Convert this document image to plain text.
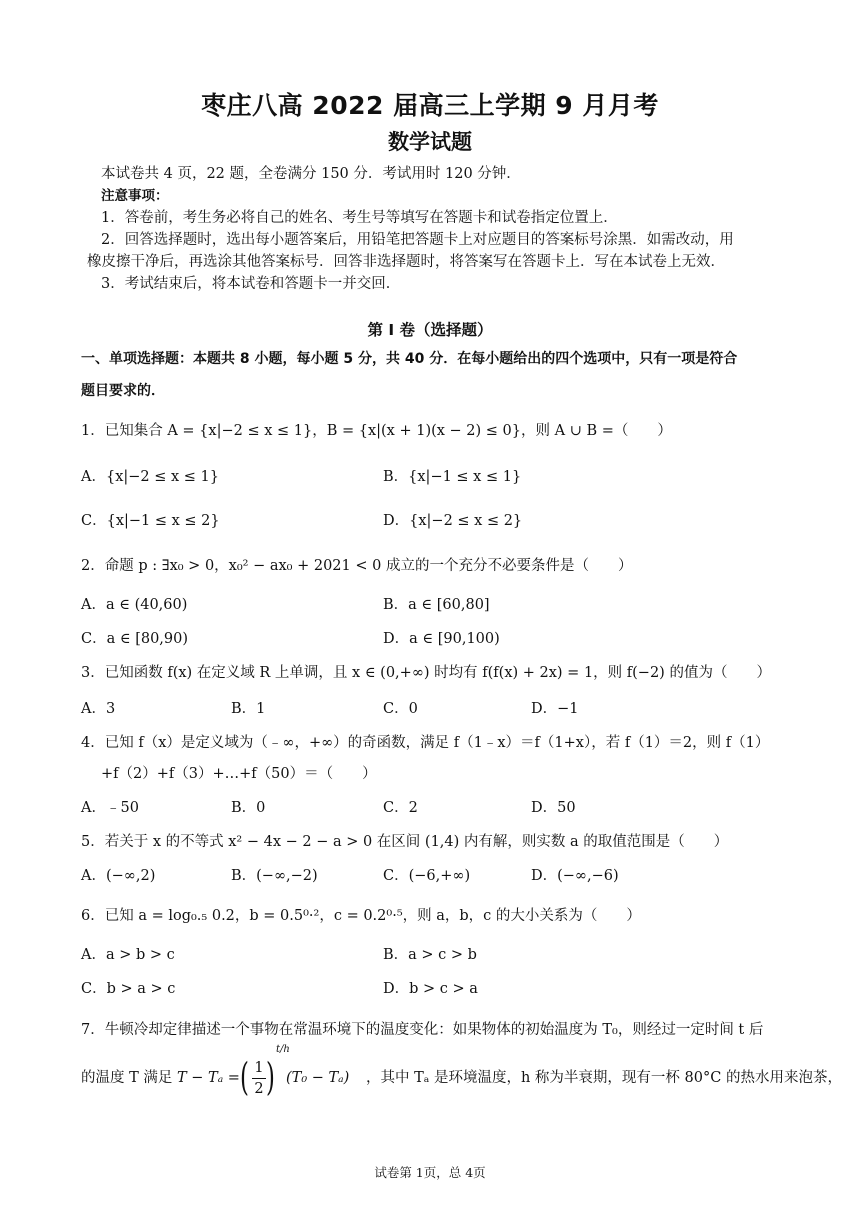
枣庄八高 2022 届高三上学期 9 月月考
数学试题
本试卷共 4 页，22 题，全卷满分 150 分．考试用时 120 分钟．
注意事项：
1．答卷前，考生务必将自己的姓名、考生号等填写在答题卡和试卷指定位置上．
2．回答选择题时，选出每小题答案后，用铅笔把答题卡上对应题目的答案标号涂黑．如需改动，用
橡皮擦干净后，再选涂其他答案标号．回答非选择题时，将答案写在答题卡上．写在本试卷上无效．
3．考试结束后，将本试卷和答题卡一并交回．
第 I 卷（选择题）
一、单项选择题：本题共 8 小题，每小题 5 分，共 40 分．在每小题给出的四个选项中，只有一项是符合
题目要求的．
1．已知集合 A = {x|−2 ≤ x ≤ 1}，B = {x|(x + 1)(x − 2) ≤ 0}，则 A ∪ B =（　　）
A．{x|−2 ≤ x ≤ 1}	B．{x|−1 ≤ x ≤ 1}
C．{x|−1 ≤ x ≤ 2}	D．{x|−2 ≤ x ≤ 2}
2．命题 p : ∃x₀ > 0，x₀² − ax₀ + 2021 < 0 成立的一个充分不必要条件是（　　）
A．a ∈ (40,60)	B．a ∈ [60,80]
C．a ∈ [80,90)	D．a ∈ [90,100)
3．已知函数 f(x) 在定义域 R 上单调，且 x ∈ (0,+∞) 时均有 f(f(x) + 2x) = 1，则 f(−2) 的值为（　　）
A．3	B．1	C．0	D．−1
4．已知 f（x）是定义域为（﹣∞，+∞）的奇函数，满足 f（1﹣x）＝f（1+x），若 f（1）＝2，则 f（1）
+f（2）+f（3）+…+f（50）＝（　　）
A．﹣50	B．0	C．2	D．50
5．若关于 x 的不等式 x² − 4x − 2 − a > 0 在区间 (1,4) 内有解，则实数 a 的取值范围是（　　）
A．(−∞,2)	B．(−∞,−2)	C．(−6,+∞)	D．(−∞,−6)
6．已知 a = log₀.₅ 0.2，b = 0.5⁰·²，c = 0.2⁰·⁵，则 a，b，c 的大小关系为（　　）
A．a > b > c	B．a > c > b
C．b > a > c	D．b > c > a
7．牛顿冷却定律描述一个事物在常温环境下的温度变化：如果物体的初始温度为 T₀，则经过一定时间 t 后
的温度 T 满足 T − Tₐ = ( 1
2 )
t/h
(T₀ − Tₐ) ，其中 Tₐ 是环境温度，h 称为半衰期，现有一杯 80°C 的热水用来泡茶，
试卷第 1页，总 4页
